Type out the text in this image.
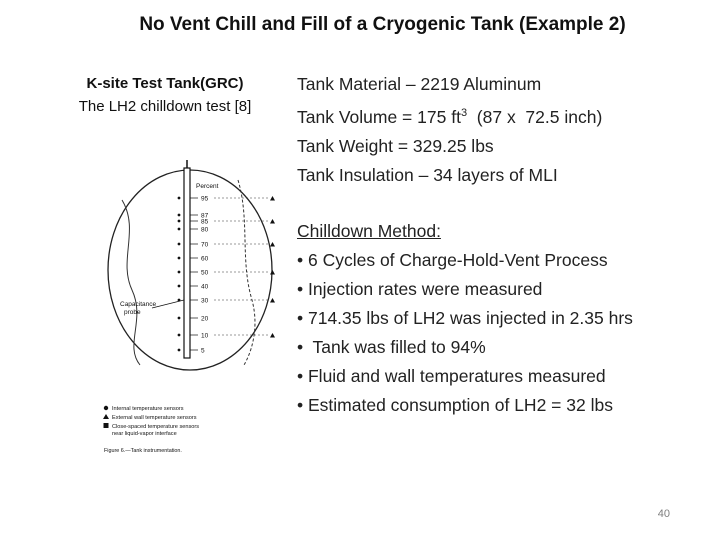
No Vent Chill and Fill of a Cryogenic Tank (Example 2)
K-site Test Tank(GRC)
The LH2 chilldown test [8]
Tank Material – 2219 Aluminum
Tank Volume = 175 $ft^3$  (87 x  72.5 inch)
Tank Weight = 329.25 lbs
Tank Insulation – 34 layers of MLI
Chilldown Method:
• 6 Cycles of Charge-Hold-Vent Process
• Injection rates were measured
• 714.35 lbs of LH2 was injected in 2.35 hrs
•  Tank was filled to 94%
• Fluid and wall temperatures measured
• Estimated consumption of LH2 = 32 lbs
Percent
95
87
85
80
70
60
50
40
30
20
10
5
Capacitance
probe
Internal temperature sensors
External wall temperature sensors
Close-spaced temperature sensors
near liquid-vapor interface
Figure 6.—Tank instrumentation.
40
